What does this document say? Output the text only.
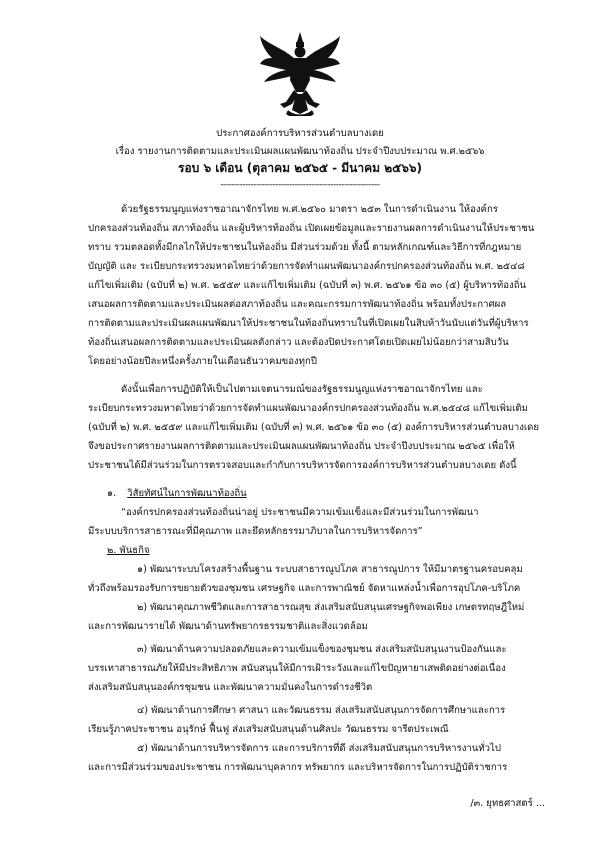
ประกาศองค์การบริหารส่วนตำบลบางเดย
เรื่อง รายงานการติดตามและประเมินผลแผนพัฒนาท้องถิ่น ประจำปีงบประมาณ พ.ศ.๒๕๖๖
รอบ ๖ เดือน (ตุลาคม ๒๕๖๕ - มีนาคม ๒๕๖๖)
----------------------------------------------------------
ด้วยรัฐธรรมนูญแห่งราชอาณาจักรไทย พ.ศ.๒๕๖๐ มาตรา ๒๕๓ ในการดำเนินงาน ให้องค์กร
ปกครองส่วนท้องถิ่น สภาท้องถิ่น และผู้บริหารท้องถิ่น เปิดเผยข้อมูลและรายงานผลการดำเนินงานให้ประชาชน
ทราบ รวมตลอดทั้งมีกลไกให้ประชาชนในท้องถิ่น มีส่วนร่วมด้วย ทั้งนี้ ตามหลักเกณฑ์และวิธีการที่กฎหมาย
บัญญัติ และ ระเบียบกระทรวงมหาดไทยว่าด้วยการจัดทำแผนพัฒนาองค์กรปกครองส่วนท้องถิ่น พ.ศ. ๒๕๔๘
แก้ไขเพิ่มเติม (ฉบับที่ ๒) พ.ศ. ๒๕๕๙ และแก้ไขเพิ่มเติม (ฉบับที่ ๓) พ.ศ. ๒๕๖๑ ข้อ ๓๐ (๕) ผู้บริหารท้องถิ่น
เสนอผลการติดตามและประเมินผลต่อสภาท้องถิ่น และคณะกรรมการพัฒนาท้องถิ่น พร้อมทั้งประกาศผล
การติดตามและประเมินผลแผนพัฒนาให้ประชาชนในท้องถิ่นทราบในที่เปิดเผยในสิบห้าวันนับแต่วันที่ผู้บริหาร
ท้องถิ่นเสนอผลการติดตามและประเมินผลดังกล่าว และต้องปิดประกาศโดยเปิดเผยไม่น้อยกว่าสามสิบวัน
โดยอย่างน้อยปีละหนึ่งครั้งภายในเดือนธันวาคมของทุกปี
ดังนั้นเพื่อการปฏิบัติให้เป็นไปตามเจตนารมณ์ของรัฐธรรมนูญแห่งราชอาณาจักรไทย และ
ระเบียบกระทรวงมหาดไทยว่าด้วยการจัดทำแผนพัฒนาองค์กรปกครองส่วนท้องถิ่น พ.ศ.๒๕๔๘ แก้ไขเพิ่มเติม
(ฉบับที่ ๒) พ.ศ. ๒๕๕๙ และแก้ไขเพิ่มเติม (ฉบับที่ ๓) พ.ศ. ๒๕๖๑ ข้อ ๓๐ (๕) องค์การบริหารส่วนตำบลบางเดย
จึงขอประกาศรายงานผลการติดตามและประเมินผลแผนพัฒนาท้องถิ่น ประจำปีงบประมาณ ๒๕๖๕ เพื่อให้
ประชาชนได้มีส่วนร่วมในการตรวจสอบและกำกับการบริหารจัดการองค์การบริหารส่วนตำบลบางเดย ดังนี้
๑. วิสัยทัศน์ในการพัฒนาท้องถิ่น
“องค์กรปกครองส่วนท้องถิ่นน่าอยู่ ประชาชนมีความเข้มแข็งและมีส่วนร่วมในการพัฒนา
มีระบบบริการสาธารณะที่มีคุณภาพ และยึดหลักธรรมาภิบาลในการบริหารจัดการ”
๒. พันธกิจ
๑) พัฒนาระบบโครงสร้างพื้นฐาน ระบบสาธารณูปโภค สาธารณูปการ ให้มีมาตรฐานครอบคลุม
ทั่วถึงพร้อมรองรับการขยายตัวของชุมชน เศรษฐกิจ และการพาณิชย์ จัดหาแหล่งน้ำเพื่อการอุปโภค-บริโภค
๒) พัฒนาคุณภาพชีวิตและการสาธารณสุข ส่งเสริมสนับสนุนเศรษฐกิจพอเพียง เกษตรทฤษฎีใหม่
และการพัฒนารายได้ พัฒนาด้านทรัพยากรธรรมชาติและสิ่งแวดล้อม
๓) พัฒนาด้านความปลอดภัยและความเข้มแข็งของชุมชน ส่งเสริมสนับสนุนงานป้องกันและ
บรรเทาสาธารณภัยให้มีประสิทธิภาพ สนับสนุนให้มีการเฝ้าระวังและแก้ไขปัญหายาเสพติดอย่างต่อเนื่อง
ส่งเสริมสนับสนุนองค์กรชุมชน และพัฒนาความมั่นคงในการดำรงชีวิต
๔) พัฒนาด้านการศึกษา ศาสนา และวัฒนธรรม ส่งเสริมสนับสนุนการจัดการศึกษาและการ
เรียนรู้ภาคประชาชน อนุรักษ์ ฟื้นฟู ส่งเสริมสนับสนุนด้านศิลปะ วัฒนธรรม จารีตประเพณี
๕) พัฒนาด้านการบริหารจัดการ และการบริการที่ดี ส่งเสริมสนับสนุนการบริหารงานทั่วไป
และการมีส่วนร่วมของประชาชน การพัฒนาบุคลากร ทรัพยากร และบริหารจัดการในการปฏิบัติราชการ
/๓. ยุทธศาสตร์ ...
